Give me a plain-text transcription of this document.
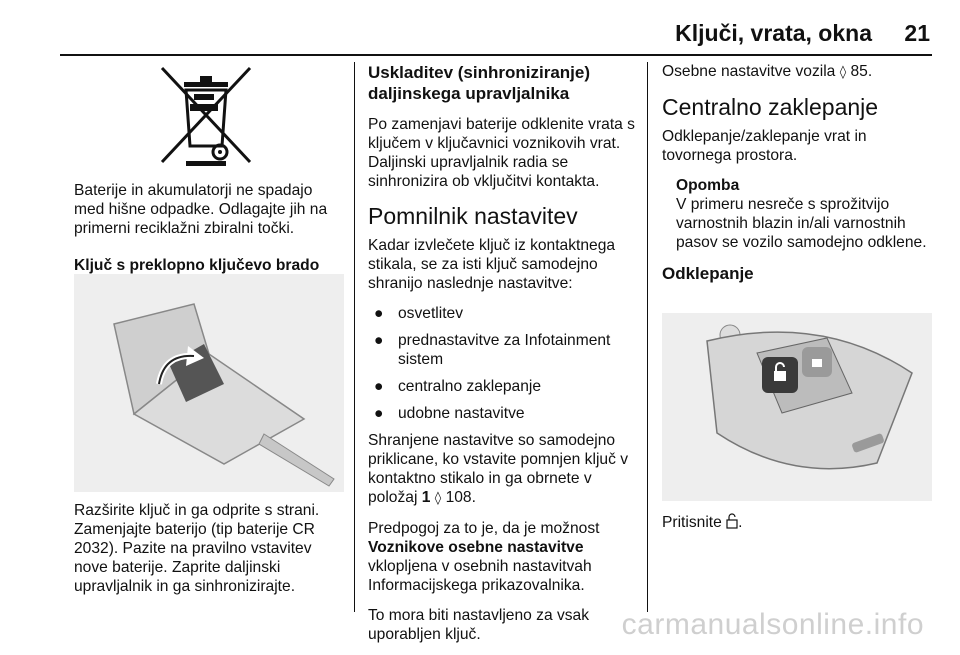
Ključi, vrata, okna 21

Baterije in akumulatorji ne spadajo med hišne odpadke. Odlagajte jih na primerni reciklažni zbiralni točki.

Ključ s preklopno ključevo brado

Razširite ključ in ga odprite s strani. Zamenjajte baterijo (tip baterije CR 2032). Pazite na pravilno vstavitev nove baterije. Zaprite daljinski upravljalnik in ga sinhronizirajte.

Uskladitev (sinhroniziranje) daljinskega upravljalnika

Po zamenjavi baterije odklenite vrata s ključem v ključavnici voznikovih vrat. Daljinski upravljalnik radia se sinhronizira ob vključitvi kontakta.

Pomnilnik nastavitev

Kadar izvlečete ključ iz kontaktnega stikala, se za isti ključ samodejno shranijo naslednje nastavitve:

● osvetlitev
● prednastavitve za Infotainment sistem
● centralno zaklepanje
● udobne nastavitve

Shranjene nastavitve so samodejno priklicane, ko vstavite pomnjen ključ v kontaktno stikalo in ga obrnete v položaj 1 ◊ 108.

Predpogoj za to je, da je možnost Voznikove osebne nastavitve vklopljena v osebnih nastavitvah Informacijskega prikazovalnika.

To mora biti nastavljeno za vsak uporabljen ključ.

Osebne nastavitve vozila ◊ 85.

Centralno zaklepanje

Odklepanje/zaklepanje vrat in tovornega prostora.

Opomba
V primeru nesreče s sprožitvijo varnostnih blazin in/ali varnostnih pasov se vozilo samodejno odklene.
Odklepanje
Pritisnite .
carmanualsonline.info
